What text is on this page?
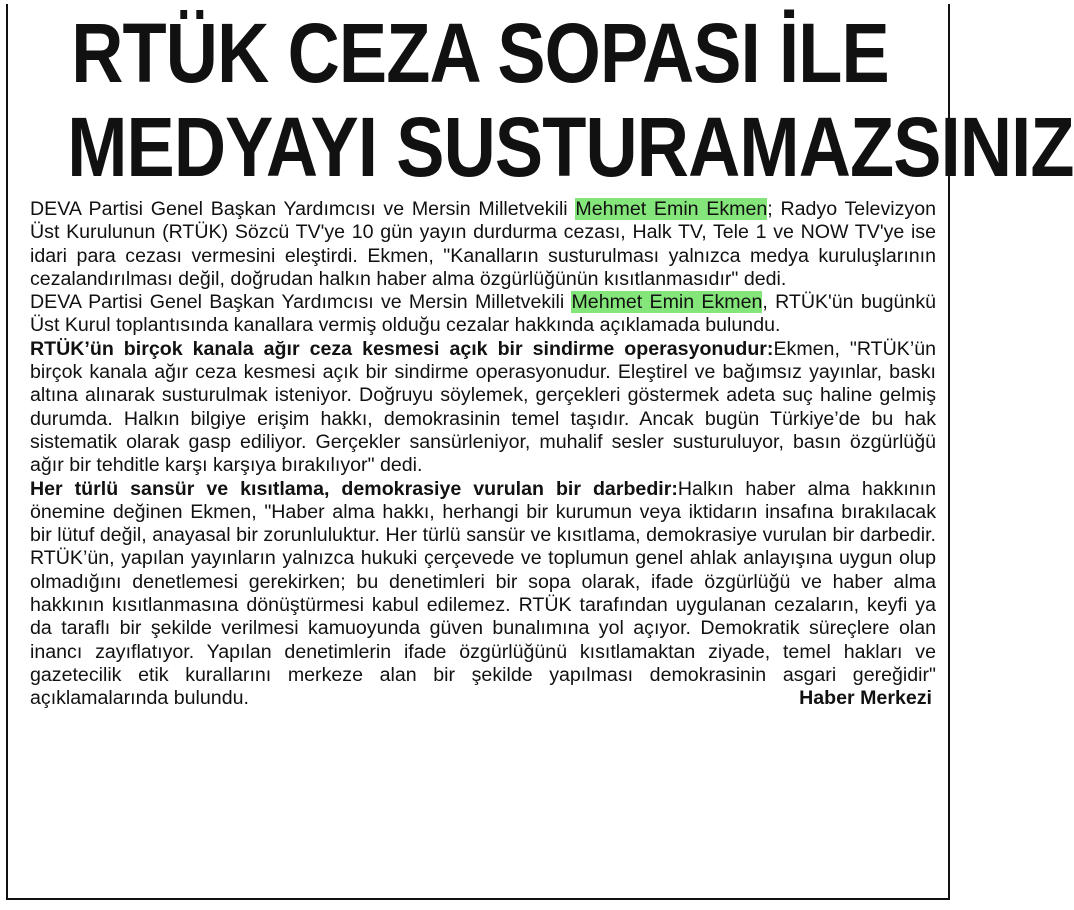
RTÜK CEZA SOPASI İLE
MEDYAYI SUSTURAMAZSINIZ

DEVA Partisi Genel Başkan Yardımcısı ve Mersin Milletvekili Mehmet Emin Ekmen; Radyo Televizyon Üst Kurulunun (RTÜK) Sözcü TV'ye 10 gün yayın durdurma cezası, Halk TV, Tele 1 ve NOW TV'ye ise idari para cezası vermesini eleştirdi. Ekmen, "Kanalların susturulması yalnızca medya kuruluşlarının cezalandırılması değil, doğrudan halkın haber alma özgürlüğünün kısıtlanmasıdır" dedi.

DEVA Partisi Genel Başkan Yardımcısı ve Mersin Milletvekili Mehmet Emin Ekmen, RTÜK'ün bugünkü Üst Kurul toplantısında kanallara vermiş olduğu cezalar hakkında açıklamada bulundu.

RTÜK’ün birçok kanala ağır ceza kesmesi açık bir sindirme operasyonudur:Ekmen, "RTÜK’ün birçok kanala ağır ceza kesmesi açık bir sindirme operasyonudur. Eleştirel ve bağımsız yayınlar, baskı altına alınarak susturulmak isteniyor. Doğruyu söylemek, gerçekleri göstermek adeta suç haline gelmiş durumda. Halkın bilgiye erişim hakkı, demokrasinin temel taşıdır. Ancak bugün Türkiye’de bu hak sistematik olarak gasp ediliyor. Gerçekler sansürleniyor, muhalif sesler susturuluyor, basın özgürlüğü ağır bir tehditle karşı karşıya bırakılıyor" dedi.

Her türlü sansür ve kısıtlama, demokrasiye vurulan bir darbedir:Halkın haber alma hakkının önemine değinen Ekmen, "Haber alma hakkı, herhangi bir kurumun veya iktidarın insafına bırakılacak bir lütuf değil, anayasal bir zorunluluktur. Her türlü sansür ve kısıtlama, demokrasiye vurulan bir darbedir. RTÜK’ün, yapılan yayınların yalnızca hukuki çerçevede ve toplumun genel ahlak anlayışına uygun olup olmadığını denetlemesi gerekirken; bu denetimleri bir sopa olarak, ifade özgürlüğü ve haber alma hakkının kısıtlanmasına dönüştürmesi kabul edilemez. RTÜK tarafından uygulanan cezaların, keyfi ya da taraflı bir şekilde verilmesi kamuoyunda güven bunalımına yol açıyor. Demokratik süreçlere olan inancı zayıflatıyor. Yapılan denetimlerin ifade özgürlüğünü kısıtlamaktan ziyade, temel hakları ve gazetecilik etik kurallarını merkeze alan bir şekilde yapılması demokrasinin asgari gereğidir" açıklamalarında bulundu.	Haber Merkezi
